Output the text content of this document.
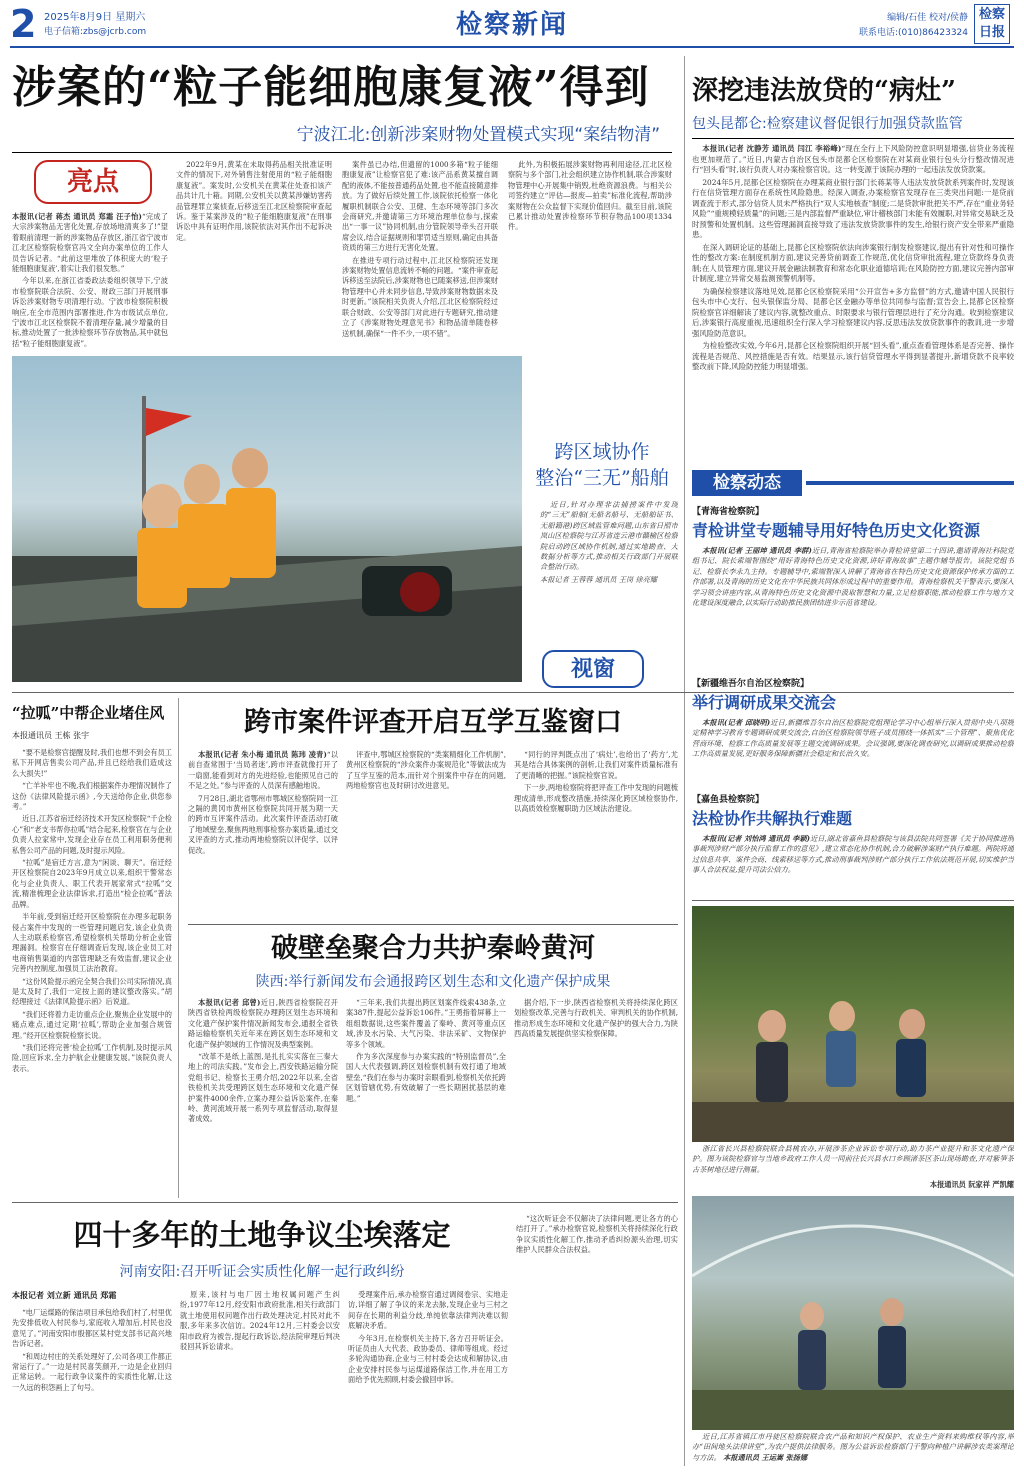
2 2025年8月9日 星期六
电子信箱:zbs@jcrb.com	检察新闻	编辑/石佳 校对/侯静
联系电话:(010)86423324
检察日报
涉案的“粒子能细胞康复液”得到
宁波江北:创新涉案财物处置模式实现“案结物清”
亮点

本报讯(记者 蒋杰 通讯员 郑霜 汪子怡)“完成了大宗涉案物品无害化处置,存放场地清爽多了!”望着眼前清理一新的涉案物品存放区,浙江省宁波市江北区检察院检察官冯文全向办案单位的工作人员告诉记者。“此前这里堆放了体积庞大的‘粒子能细胞康复液’,着实让我们很发愁。”

今年以来,在浙江省委政法委组织领导下,宁波市检察院联合法院、公安、财政三部门开展刑事诉讼涉案财物专项清理行动。宁波市检察院积极响应,在全市范围内部署推进,作为市级试点单位,宁波市江北区检察院不着清理存量,减少增量的目标,推动处置了一批涉检察环节存放物品,其中就包括“粒子能细胞康复液”。

2022年9月,黄某在未取得药品相关批准证明文件的情况下,对外销售注射使用的“粒子能细胞康复液”。案发时,公安机关在黄某住处查扣该产品共计几十箱。同期,公安机关以黄某涉嫌妨害药品管理罪立案侦查,后移送至江北区检察院审查起诉。鉴于某案涉及的“粒子能细胞康复液”在刑事诉讼中具有证明作用,该院依法对其作出不起诉决定。

案件虽已办结,但遗留的1000多箱“粒子能细胞康复液”让检察官犯了难:该产品系黄某擅自调配的液体,不能按普通药品处置,也不能直接随意排放。为了做好后续处置工作,该院依托检察一体化履职机制联合公安、卫健、生态环境等部门多次会商研究,并邀请第三方环境治理单位参与,探索出“一事一议”协同机制,由分管院领导牵头召开联席会议,结合证据规则和罪罚适当原则,确定由具备资质的第三方进行无害化处置。

在推进专项行动过程中,江北区检察院还发现涉案财物处置信息流转不畅的问题。“案件审查起诉移送至法院后,涉案财物也已随案移送,但涉案财物管理中心并未同步信息,导致涉案财物数据未及时更新。”该院相关负责人介绍,江北区检察院经过联合财政、公安等部门对此进行专题研究,推动建立了《涉案财物处理意见书》和物品清单随卷移送机制,确保“一件不少,一项不错”。

此外,为积极拓展涉案财物再利用途径,江北区检察院与多个部门,社会组织建立协作机制,联合涉案财物管理中心开展集中销毁,杜绝资源浪费。与相关公司签约建立“评估—报废—拍卖”标准化流程,帮助涉案财物在公众监督下实现价值回归。截至目前,该院已累计推动处置涉检察环节积存物品100项1334件。

跨区域协作
整治“三无”船舶

近日,针对办理非法捕捞案件中发现的“三无”船舶(无船名船号、无船舶证书、无船籍港)跨区域监管难问题,山东省日照市岚山区检察院与江苏省连云港市赣榆区检察院启动跨区域协作机制,通过实地勘查、大数据分析等方式,推动相关行政部门开展联合整治行动。

本报记者 王蓉蓉 通讯员 王岗 徐亮耀

视窗
深挖违法放贷的“病灶”
包头昆都仑:检察建议督促银行加强贷款监管

本报讯(记者 沈静芳 通讯员 闫江 李裕峰)“现在全行上下风险防控意识明显增强,信贷业务流程也更加规范了。”近日,内蒙古自治区包头市昆都仑区检察院在对某商业银行包头分行整改情况进行“回头看”时,该行负责人对办案检察官说。这一转变源于该院办理的一起违法发放贷款案。

2024年5月,昆都仑区检察院在办理某商业银行部门长蒋某等人违法发放贷款系列案件时,发现该行在信贷管理方面存在系统性风险隐患。经深入调查,办案检察官发现存在三类突出问题:一是贷前调查流于形式,部分信贷人员未严格执行“双人实地核查”制度;二是贷款审批把关不严,存在“重业务轻风险”“重规模轻质量”的问题;三是内部监督严重缺位,审计稽核部门未能有效履职,对异常交易缺乏及时预警和处置机制。这些管理漏洞直接导致了违法发放贷款事件的发生,给银行资产安全带来严重隐患。

在深入调研论证的基础上,昆都仑区检察院依法向涉案银行制发检察建议,提出有针对性和可操作性的整改方案:在制度机制方面,建议完善贷前调查工作规范,优化信贷审批流程,建立贷款终身负责制;在人员管理方面,建议开展金融法制教育和常态化职业道德培训;在风险防控方面,建议完善内部审计制度,建立异常交易监测预警机制等。

为确保检察建议落地见效,昆都仑区检察院采用“公开宣告+多方监督”的方式,邀请中国人民银行包头市中心支行、包头银保监分局、昆都仑区金融办等单位共同参与监督;宣告会上,昆都仑区检察院检察官详细解读了建议内容,就整改重点、时限要求与银行管理层进行了充分沟通。收到检察建议后,涉案银行高度重视,迅速组织全行深入学习检察建议内容,反思违法发放贷款事件的教训,进一步增强风险防范意识。

为检验整改实效,今年6月,昆都仑区检察院组织开展“回头看”,重点查看管理体系是否完善、操作流程是否规范、风控措施是否有效。结果显示,该行信贷管理水平得到显著提升,新增贷款不良率较整改前下降,风险防控能力明显增强。

检察动态
【青海省检察院】
青检讲堂专题辅导用好特色历史文化资源

本报讯(记者 王丽坤 通讯员 李群)近日,青海省检察院举办青检讲堂第二十四讲,邀请青海社科院党组书记、院长索端智围绕“用好青海特色历史文化资源,讲好青海故事”主题作辅导报告。该院党组书记、检察长李永九主持。专题辅导中,索端智深入讲解了青海省在特色历史文化资源保护传承方面的工作部署,以及青海的历史文化在中华民族共同体形成过程中的重要作用。青海检察机关干警表示,要深入学习领会讲座内容,从青海特色历史文化资源中汲取智慧和力量,立足检察职能,推动检察工作与地方文化建设深度融合,以实际行动助推民族团结进步示范省建设。

【新疆维吾尔自治区检察院】
举行调研成果交流会

本报讯(记者 邱晓明)近日,新疆维吾尔自治区检察院党组理论学习中心组举行深入贯彻中央八项规定精神学习教育专题调研成果交流会,自治区检察院领导班子成员围绕一体抓实“三个管理”、聚焦优化营商环境、检察工作高质量发展等主题交流调研成果。会议强调,要深化调查研究,以调研成果推动检察工作高质量发展,更好服务保障新疆社会稳定和长治久安。

【嘉鱼县检察院】
法检协作共解执行难题

本报讯(记者 刘怡鸿 通讯员 李颖)近日,湖北省嘉鱼县检察院与该县法院共同签署《关于协同推进刑事裁判涉财产部分执行监督工作的意见》,建立常态化协作机制,合力破解涉案财产执行难题。两院将通过信息共享、案件会商、线索移送等方式,推动刑事裁判涉财产部分执行工作依法规范开展,切实维护当事人合法权益,提升司法公信力。

“拉呱”中帮企业堵住风
本报通讯员 王栋 张宇

“要不是检察官提醒及时,我们也想不到会有员工私下开网店售卖公司产品,并且已经给我们造成这么大损失!”

“亡羊补牢也不晚,我们根据案件办理情况制作了这份《法律风险提示函》,今天送给你企业,供您参考。”

近日,江苏省宿迁经济技术开发区检察院“千企检心”和“老支书帮你拉呱”结合起来,检察官在与企业负责人拉家常中,发现企业存在员工利用职务便利私售公司产品的问题,及时提示风险。

“拉呱”是宿迁方言,意为“闲谈、聊天”。宿迁经开区检察院自2023年9月成立以来,组织干警常态化与企业负责人、职工代表开展家常式“拉呱”交流,精准梳理企业法律诉求,打造出“检企拉呱”普法品牌。

半年前,受到宿迁经开区检察院在办理多起职务侵占案件中发现的一些管理问题启发,该企业负责人主动联系检察官,希望检察机关帮助分析企业管理漏洞。检察官在仔细调查后发现,该企业员工对电商销售渠道的内部管理缺乏有效监督,建议企业完善内控制度,加强员工法治教育。

“这份风险提示函完全契合我们公司实际情况,真是太及时了,我们一定按上面的建议整改落实。”胡经理接过《法律风险提示函》后说道。

“我们还将着力走访重点企业,聚焦企业发展中的痛点难点,通过定期‘拉呱’,帮助企业加强合规管理。”经开区检察院检察长说。

“我们还将完善‘检企拉呱’工作机制,及时提示风险,回应诉求,全力护航企业健康发展。”该院负责人表示。

跨市案件评查开启互学互鉴窗口

本报讯(记者 朱小梅 通讯员 陈玮 凌青)“以前自查常围于‘当局者迷’,跨市评查就像打开了一扇窗,能看到对方的先进经验,也能照见自己的不足之处。”参与评查的人员深有感触地说。

7月28日,湖北省鄂州市鄂城区检察院同一江之隔的黄冈市黄州区检察院共同开展为期一天的跨市互评案件活动。此次案件评查活动打破了地域壁垒,聚焦两地刑事检察办案质量,通过交叉评查的方式,推动两地检察院以评促学、以评促改。

评查中,鄂城区检察院的“类案精细化工作机制”,黄州区检察院的“涉众案件办案规范化”等做法成为了互学互鉴的范本,而针对个别案件中存在的问题,两地检察官也及时研讨改进意见。

“同行的评判既点出了‘病灶’,也给出了‘药方’,尤其是结合具体案例的剖析,让我们对案件质量标准有了更清晰的把握。”该院检察官说。

下一步,两地检察院将把评查工作中发现的问题梳理成清单,形成整改措施,持续深化跨区域检察协作,以高质效检察履职助力区域法治建设。

破壁垒聚合力共护秦岭黄河
陕西:举行新闻发布会通报跨区划生态和文化遗产保护成果

本报讯(记者 邱曾)近日,陕西省检察院召开陕西省铁检两级检察院办理跨区划生态环境和文化遗产保护案件情况新闻发布会,通报全省铁路运输检察机关近年来在跨区划生态环境和文化遗产保护领域的工作情况及典型案例。

“改革不是纸上蓝图,是扎扎实实落在三秦大地上的司法实践。”发布会上,西安铁路运输分院党组书记、检察长王勇介绍,2022年以来,全省铁检机关共受理跨区划生态环境和文化遗产保护案件4000余件,立案办理公益诉讼案件,在秦岭、黄河流域开展一系列专项监督活动,取得显著成效。

“三年来,我们共提出跨区划案件线索438条,立案387件,提起公益诉讼106件。”王勇指着屏幕上一组组数据说,这些案件覆盖了秦岭、黄河等重点区域,涉及水污染、大气污染、非法采矿、文物保护等多个领域。

作为多次深度参与办案实践的“特别监督员”,全国人大代表强调,跨区划检察机制有效打通了地域壁垒,“我们在参与办案时亲眼看到,检察机关依托跨区划管辖优势,有效破解了一些长期困扰基层的难题。”

据介绍,下一步,陕西省检察机关将持续深化跨区划检察改革,完善与行政机关、审判机关的协作机制,推动形成生态环境和文化遗产保护的强大合力,为陕西高质量发展提供坚实检察保障。

四十多年的土地争议尘埃落定
河南安阳:召开听证会实质性化解一起行政纠纷
本报记者 刘立新 通讯员 郑霜

“电厂运煤路的保洁项目承包给我们村了,村里优先安排低收入村民参与,家庭收入增加后,村民也没意见了。”河南安阳市殷都区某村党支部书记高兴地告诉记者。

“和周边村庄的关系处理好了,公司各项工作都正常运行了。”一边是村民喜笑颜开,一边是企业回归正常运转。一起行政争议案件的实质性化解,让这一久远的积怨画上了句号。

原来,该村与电厂因土地权属问题产生纠纷,1977年12月,经安阳市政府批准,相关行政部门就土地使用权问题作出行政处理决定,村民对此不服,多年来多次信访。2024年12月,三村委会以安阳市政府为被告,提起行政诉讼,经法院审理后判决驳回其诉讼请求。

受理案件后,承办检察官通过调阅卷宗、实地走访,详细了解了争议的来龙去脉,发现企业与三村之间存在长期的利益分歧,单纯依靠法律判决难以彻底解决矛盾。

今年3月,在检察机关主持下,各方召开听证会。听证员由人大代表、政协委员、律师等组成。经过多轮沟通协商,企业与三村村委会达成和解协议,由企业安排村民参与运煤道路保洁工作,并在用工方面给予优先照顾,村委会撤回申诉。

“这次听证会不仅解决了法律问题,更让各方的心结打开了。”承办检察官说,检察机关将持续深化行政争议实质性化解工作,推动矛盾纠纷源头治理,切实维护人民群众合法权益。

浙江省长兴县检察院联合县桃农办,开展涉茶企业诉讼专项行动,助力茶产业提升和茶文化遗产保护。图为该院检察官与当地乡政府工作人员一同前往长兴县水口乡顾渚茶区茶山现场勘查,并对紫笋茶古茶树地径进行测量。

本报通讯员 阮家祥 严凯耀

近日,江苏省镇江市丹徒区检察院联合农产品和知识产权保护、农业生产资料来购维权等内容,举办“田间地头法律讲堂”,为农户提供法律服务。图为公益诉讼检察部门干警向种植户讲解涉农类案理论与方法。 本报通讯员 王运嵩 张扬娜
